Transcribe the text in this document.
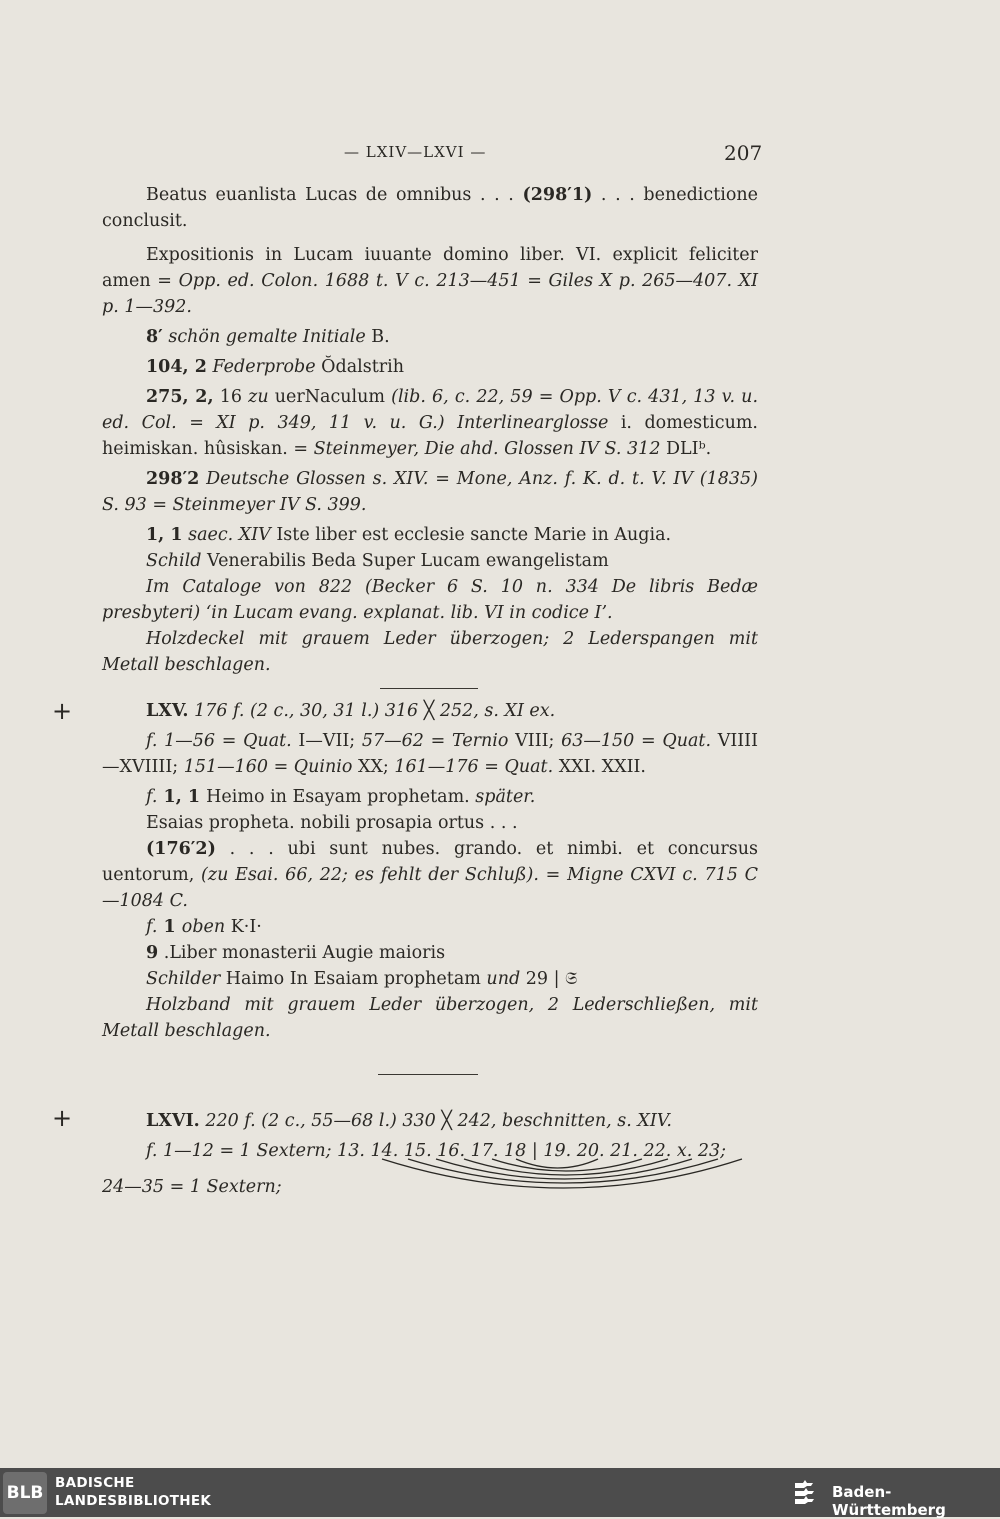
— LXIV—LXVI —	207

Beatus euanlista Lucas de omnibus . . . (298′1) . . . benedictione conclusit.

Expositionis in Lucam iuuante domino liber. VI. explicit feliciter amen = Opp. ed. Colon. 1688 t. V c. 213—451 = Giles X p. 265—407. XI p. 1—392.

8′ schön gemalte Initiale B.

104, 2 Federprobe Ŏdalstrih

275, 2, 16 zu uerNaculum (lib. 6, c. 22, 59 = Opp. V c. 431, 13 v. u. ed. Col. = XI p. 349, 11 v. u. G.) Interlinearglosse i. domesticum. heimiskan. hûsiskan. = Steinmeyer, Die ahd. Glossen IV S. 312 DLIᵇ.

298′2 Deutsche Glossen s. XIV. = Mone, Anz. f. K. d. t. V. IV (1835) S. 93 = Steinmeyer IV S. 399.

1, 1 saec. XIV Iste liber est ecclesie sancte Marie in Augia.

Schild Venerabilis Beda Super Lucam ewangelistam

Im Cataloge von 822 (Becker 6 S. 10 n. 334 De libris Bedæ presbyteri) ‘in Lucam evang. explanat. lib. VI in codice I’.

Holzdeckel mit grauem Leder überzogen; 2 Lederspangen mit Metall beschlagen.

+	LXV. 176 f. (2 c., 30, 31 l.) 316 ╳ 252, s. XI ex.

f. 1—56 = Quat. I—VII; 57—62 = Ternio VIII; 63—150 = Quat. VIIII—XVIIII; 151—160 = Quinio XX; 161—176 = Quat. XXI. XXII.

f. 1, 1 Heimo in Esayam prophetam. später.

Esaias propheta. nobili prosapia ortus . . .

(176′2) . . . ubi sunt nubes. grando. et nimbi. et concursus uentorum, (zu Esai. 66, 22; es fehlt der Schluß). = Migne CXVI c. 715 C —1084 C.

f. 1 oben K·I·

9 .Liber monasterii Augie maioris

Schilder Haimo In Esaiam prophetam und 29 | 𝔖

Holzband mit grauem Leder überzogen, 2 Lederschließen, mit Metall beschlagen.

+	LXVI. 220 f. (2 c., 55—68 l.) 330 ╳ 242, beschnitten, s. XIV.

f. 1—12 = 1 Sextern; 13. 14. 15. 16. 17. 18 | 19. 20. 21. 22. x. 23;

24—35 = 1 Sextern;

BLB BADISCHE
LANDESBIBLIOTHEK	Baden-Württemberg
